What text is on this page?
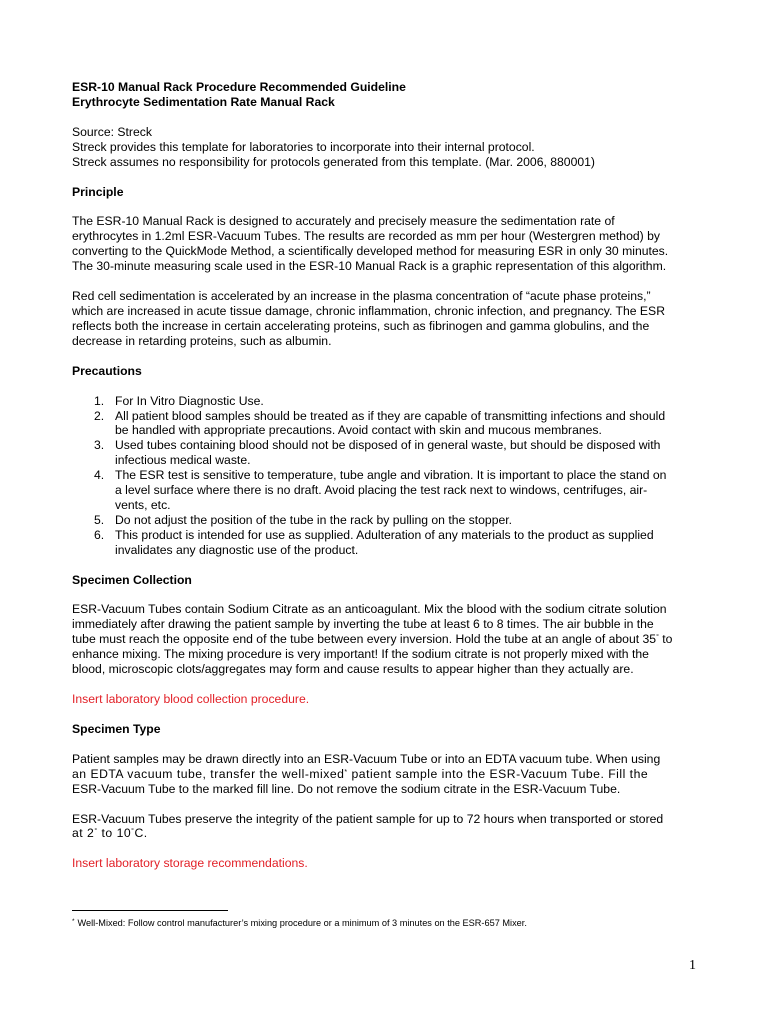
ESR-10 Manual Rack Procedure Recommended Guideline
Erythrocyte Sedimentation Rate Manual Rack
Source: Streck
Streck provides this template for laboratories to incorporate into their internal protocol.
Streck assumes no responsibility for protocols generated from this template. (Mar. 2006, 880001)
Principle
The ESR-10 Manual Rack is designed to accurately and precisely measure the sedimentation rate of
erythrocytes in 1.2ml ESR-Vacuum Tubes. The results are recorded as mm per hour (Westergren method) by
converting to the QuickMode Method, a scientifically developed method for measuring ESR in only 30 minutes.
The 30-minute measuring scale used in the ESR-10 Manual Rack is a graphic representation of this algorithm.
Red cell sedimentation is accelerated by an increase in the plasma concentration of “acute phase proteins,”
which are increased in acute tissue damage, chronic inflammation, chronic infection, and pregnancy. The ESR
reflects both the increase in certain accelerating proteins, such as fibrinogen and gamma globulins, and the
decrease in retarding proteins, such as albumin.
Precautions
1. For In Vitro Diagnostic Use.
2. All patient blood samples should be treated as if they are capable of transmitting infections and should
be handled with appropriate precautions. Avoid contact with skin and mucous membranes.
3. Used tubes containing blood should not be disposed of in general waste, but should be disposed with
infectious medical waste.
4. The ESR test is sensitive to temperature, tube angle and vibration. It is important to place the stand on
a level surface where there is no draft. Avoid placing the test rack next to windows, centrifuges, air-
vents, etc.
5. Do not adjust the position of the tube in the rack by pulling on the stopper.
6. This product is intended for use as supplied. Adulteration of any materials to the product as supplied
invalidates any diagnostic use of the product.
Specimen Collection
ESR-Vacuum Tubes contain Sodium Citrate as an anticoagulant. Mix the blood with the sodium citrate solution
immediately after drawing the patient sample by inverting the tube at least 6 to 8 times. The air bubble in the
tube must reach the opposite end of the tube between every inversion. Hold the tube at an angle of about 35° to
enhance mixing. The mixing procedure is very important! If the sodium citrate is not properly mixed with the
blood, microscopic clots/aggregates may form and cause results to appear higher than they actually are.
Insert laboratory blood collection procedure.
Specimen Type
Patient samples may be drawn directly into an ESR-Vacuum Tube or into an EDTA vacuum tube. When using
an EDTA vacuum tube, transfer the well-mixed* patient sample into the ESR-Vacuum Tube. Fill the
ESR-Vacuum Tube to the marked fill line. Do not remove the sodium citrate in the ESR-Vacuum Tube.
ESR-Vacuum Tubes preserve the integrity of the patient sample for up to 72 hours when transported or stored
at 2° to 10°C.
Insert laboratory storage recommendations.
* Well-Mixed: Follow control manufacturer’s mixing procedure or a minimum of 3 minutes on the ESR-657 Mixer.
1
